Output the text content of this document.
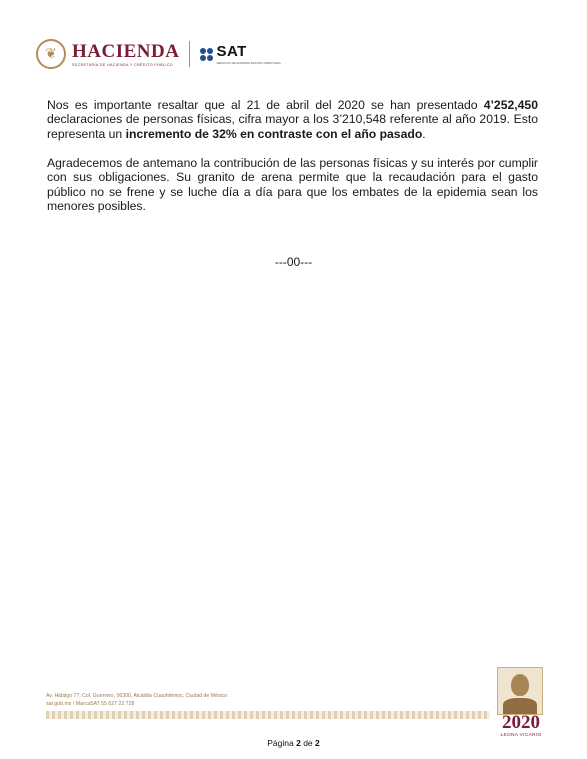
❦ HACIENDA
SECRETARÍA DE HACIENDA Y CRÉDITO PÚBLICO
SAT
SERVICIO DE ADMINISTRACIÓN TRIBUTARIA
Nos es importante resaltar que al 21 de abril del 2020 se han presentado 4’252,450 declaraciones de personas físicas, cifra mayor a los 3’210,548 referente al año 2019. Esto representa un incremento de 32% en contraste con el año pasado.
Agradecemos de antemano la contribución de las personas físicas y su interés por cumplir con sus obligaciones. Su granito de arena permite que la recaudación para el gasto público no se frene y se luche día a día para que los embates de la epidemia sean los menores posibles.
---00---
Av. Hidalgo 77, Col. Guerrero, 06300, Alcaldía Cuauhtémoc, Ciudad de México
sat.gob.mx / MarcaSAT 55 627 22 728
2020
LEONA VICARIO
Página 2 de 2
